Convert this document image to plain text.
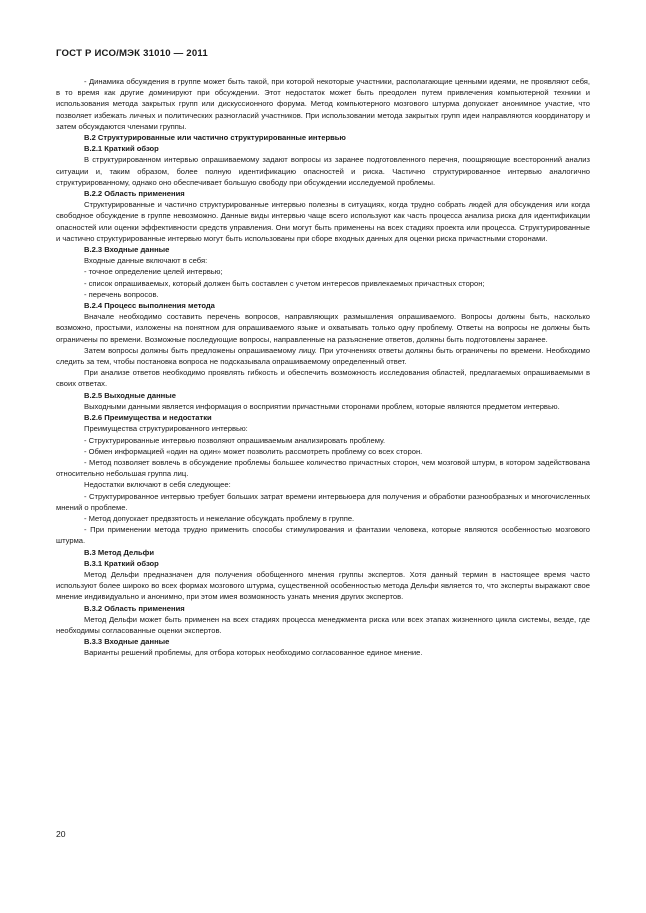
ГОСТ Р ИСО/МЭК 31010 — 2011

- Динамика обсуждения в группе может быть такой, при которой некоторые участники, располагающие ценными идеями, не проявляют себя, в то время как другие доминируют при обсуждении. Этот недостаток может быть преодолен путем привлечения компьютерной техники и использования метода закрытых групп или дискуссионного форума. Метод компьютерного мозгового штурма допускает анонимное участие, что позволяет избежать личных и политических разногласий участников. При использовании метода закрытых групп идеи направляются координатору и затем обсуждаются членами группы.

В.2 Структурированные или частично структурированные интервью

В.2.1 Краткий обзор

В структурированном интервью опрашиваемому задают вопросы из заранее подготовленного перечня, поощряющие всесторонний анализ ситуации и, таким образом, более полную идентификацию опасностей и риска. Частично структурированное интервью аналогично структурированному, однако оно обеспечивает большую свободу при обсуждении исследуемой проблемы.

В.2.2 Область применения

Структурированные и частично структурированные интервью полезны в ситуациях, когда трудно собрать людей для обсуждения или когда свободное обсуждение в группе невозможно. Данные виды интервью чаще всего используют как часть процесса анализа риска для идентификации опасностей или оценки эффективности средств управления. Они могут быть применены на всех стадиях проекта или процесса. Структурированные и частично структурированные интервью могут быть использованы при сборе входных данных для оценки риска причастными сторонами.

В.2.3 Входные данные

Входные данные включают в себя:

- точное определение целей интервью;

- список опрашиваемых, который должен быть составлен с учетом интересов привлекаемых причастных сторон;

- перечень вопросов.

В.2.4 Процесс выполнения метода

Вначале необходимо составить перечень вопросов, направляющих размышления опрашиваемого. Вопросы должны быть, насколько возможно, простыми, изложены на понятном для опрашиваемого языке и охватывать только одну проблему. Ответы на вопросы не должны быть ограничены по времени. Возможные последующие вопросы, направленные на разъяснение ответов, должны быть подготовлены заранее.

Затем вопросы должны быть предложены опрашиваемому лицу. При уточнениях ответы должны быть ограничены по времени. Необходимо следить за тем, чтобы постановка вопроса не подсказывала опрашиваемому определенный ответ.

При анализе ответов необходимо проявлять гибкость и обеспечить возможность исследования областей, предлагаемых опрашиваемыми в своих ответах.

В.2.5 Выходные данные

Выходными данными является информация о восприятии причастными сторонами проблем, которые являются предметом интервью.

В.2.6 Преимущества и недостатки

Преимущества структурированного интервью:

- Структурированные интервью позволяют опрашиваемым анализировать проблему.

- Обмен информацией «один на один» может позволить рассмотреть проблему со всех сторон.

- Метод позволяет вовлечь в обсуждение проблемы большее количество причастных сторон, чем мозговой штурм, в котором задействована относительно небольшая группа лиц.

Недостатки включают в себя следующее:

- Структурированное интервью требует больших затрат времени интервьюера для получения и обработки разнообразных и многочисленных мнений о проблеме.

- Метод допускает предвзятость и нежелание обсуждать проблему в группе.

- При применении метода трудно применить способы стимулирования и фантазии человека, которые являются особенностью мозгового штурма.

В.3 Метод Дельфи

В.3.1 Краткий обзор

Метод Дельфи предназначен для получения обобщенного мнения группы экспертов. Хотя данный термин в настоящее время часто используют более широко во всех формах мозгового штурма, существенной особенностью метода Дельфи является то, что эксперты выражают свое мнение индивидуально и анонимно, при этом имея возможность узнать мнения других экспертов.

В.3.2 Область применения

Метод Дельфи может быть применен на всех стадиях процесса менеджмента риска или всех этапах жизненного цикла системы, везде, где необходимы согласованные оценки экспертов.

В.3.3 Входные данные

Варианты решений проблемы, для отбора которых необходимо согласованное единое мнение.

20
